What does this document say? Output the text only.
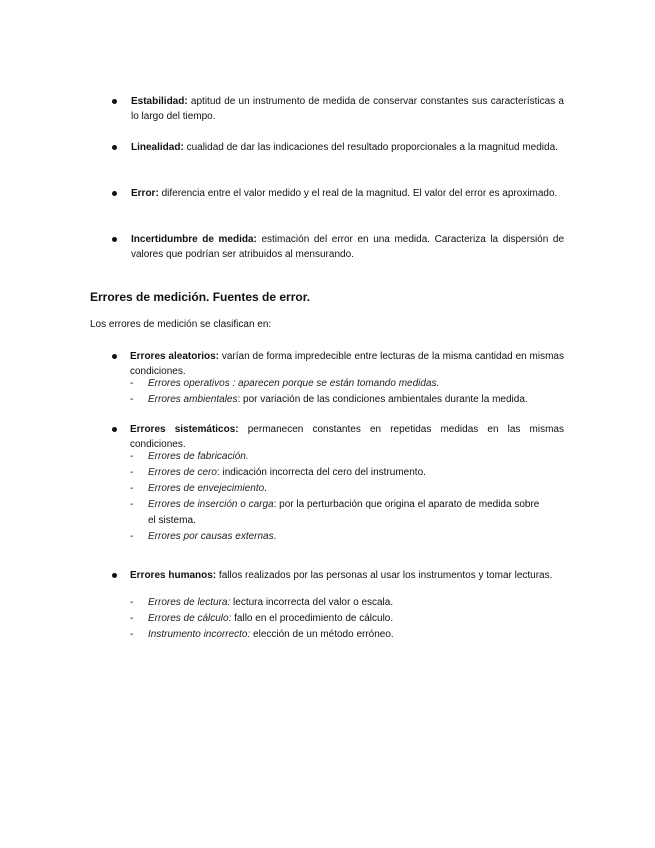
Estabilidad: aptitud de un instrumento de medida de conservar constantes sus características a lo largo del tiempo.
Linealidad: cualidad de dar las indicaciones del resultado proporcionales a la magnitud medida.
Error: diferencia entre el valor medido y el real de la magnitud. El valor del error es aproximado.
Incertidumbre de medida: estimación del error en una medida. Caracteriza la dispersión de valores que podrían ser atribuidos al mensurando.
Errores de medición. Fuentes de error.

Los errores de medición se clasifican en:

Errores aleatorios: varían de forma impredecible entre lecturas de la misma cantidad en mismas condiciones.
- Errores operativos : aparecen porque se están tomando medidas.
- Errores ambientales: por variación de las condiciones ambientales durante la medida.
Errores sistemáticos: permanecen constantes en repetidas medidas en las mismas condiciones.
- Errores de fabricación.
- Errores de cero: indicación incorrecta del cero del instrumento.
- Errores de envejecimiento.
- Errores de inserción o carga: por la perturbación que origina el aparato de medida sobre el sistema.
- Errores por causas externas.
Errores humanos: fallos realizados por las personas al usar los instrumentos y tomar lecturas.
- Errores de lectura: lectura incorrecta del valor o escala.
- Errores de cálculo: fallo en el procedimiento de cálculo.
- Instrumento incorrecto: elección de un método erróneo.
